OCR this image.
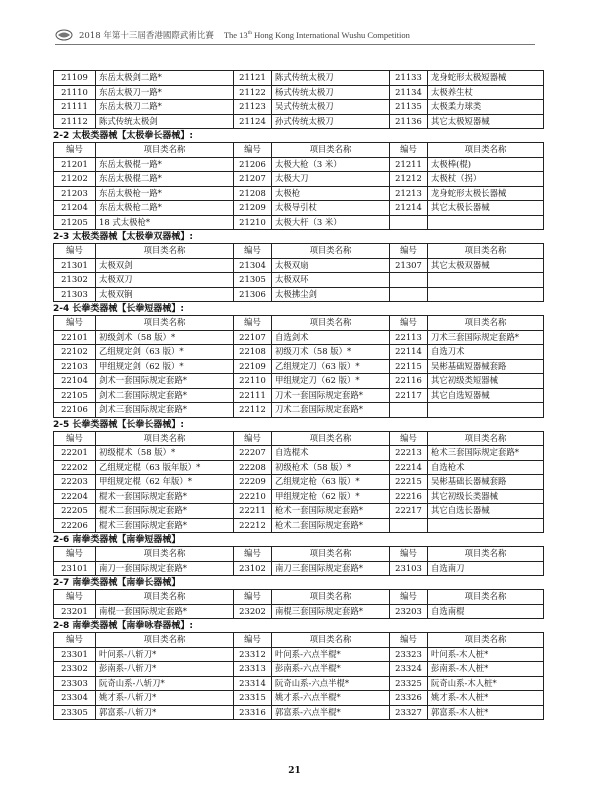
2018 年第十三屆香港國際武術比賽 The 13th Hong Kong International Wushu Competition
21109	东岳太极剑二路*	21121	陈式传统太极刀	21133	龙身蛇形太极短器械
21110	东岳太极刀一路*	21122	杨式传统太极刀	21134	太极养生杖
21111	东岳太极刀二路*	21123	吴式传统太极刀	21135	太极柔力球类
21112	陈式传统太极剑	21124	孙式传统太极刀	21136	其它太极短器械
2-2 太极类器械【太极拳长器械】:
编号	项目类名称	编号	项目类名称	编号	项目类名称
21201	东岳太极棍一路*	21206	太极大枪（3 米）	21211	太极棒(棍)
21202	东岳太极棍二路*	21207	太极大刀	21212	太极杖（拐）
21203	东岳太极枪一路*	21208	太极枪	21213	龙身蛇形太极长器械
21204	东岳太极枪二路*	21209	太极导引杖	21214	其它太极长器械
21205	18 式太极枪*	21210	太极大杆（3 米）		
2-3 太极类器械【太极拳双器械】:
编号	项目类名称	编号	项目类名称	编号	项目类名称
21301	太极双剑	21304	太极双扇	21307	其它太极双器械
21302	太极双刀	21305	太极双环		
21303	太极双锏	21306	太极拂尘剑		
2-4 长拳类器械【长拳短器械】:
编号	项目类名称	编号	项目类名称	编号	项目类名称
22101	初级剑术（58 版）*	22107	自选剑术	22113	刀术三套国际规定套路*
22102	乙组规定剑（63 版）*	22108	初级刀术（58 版）*	22114	自选刀术
22103	甲组规定剑（62 版）*	22109	乙组规定刀（63 版）*	22115	吴彬基础短器械套路
22104	剑术一套国际规定套路*	22110	甲组规定刀（62 版）*	22116	其它初级类短器械
22105	剑术二套国际规定套路*	22111	刀术一套国际规定套路*	22117	其它自选短器械
22106	剑术三套国际规定套路*	22112	刀术二套国际规定套路*		
2-5 长拳类器械【长拳长器械】:
编号	项目类名称	编号	项目类名称	编号	项目类名称
22201	初级棍术（58 版）*	22207	自选棍术	22213	枪术三套国际规定套路*
22202	乙组规定棍（63 版年版）*	22208	初级枪术（58 版）*	22214	自选枪术
22203	甲组规定棍（62 年版）*	22209	乙组规定枪（63 版）*	22215	吴彬基础长器械套路
22204	棍术一套国际规定套路*	22210	甲组规定枪（62 版）*	22216	其它初级长类器械
22205	棍术二套国际规定套路*	22211	枪术一套国际规定套路*	22217	其它自选长器械
22206	棍术三套国际规定套路*	22212	枪术二套国际规定套路*		
2-6 南拳类器械【南拳短器械】
编号	项目类名称	编号	项目类名称	编号	项目类名称
23101	南刀一套国际规定套路*	23102	南刀三套国际规定套路*	23103	自选南刀
2-7 南拳类器械【南拳长器械】
编号	项目类名称	编号	项目类名称	编号	项目类名称
23201	南棍一套国际规定套路*	23202	南棍三套国际规定套路*	23203	自选南棍
2-8 南拳类器械【南拳咏春器械】:
编号	项目类名称	编号	项目类名称	编号	项目类名称
23301	叶问系-八斩刀*	23312	叶问系-六点半棍*	23323	叶问系-木人桩*
23302	彭南系-八斩刀*	23313	彭南系-六点半棍*	23324	彭南系-木人桩*
23303	阮奇山系-八斩刀*	23314	阮奇山系-六点半棍*	23325	阮奇山系-木人桩*
23304	姚才系-八斩刀*	23315	姚才系-六点半棍*	23326	姚才系-木人桩*
23305	郭富系-八斩刀*	23316	郭富系-六点半棍*	23327	郭富系-木人桩*
21
